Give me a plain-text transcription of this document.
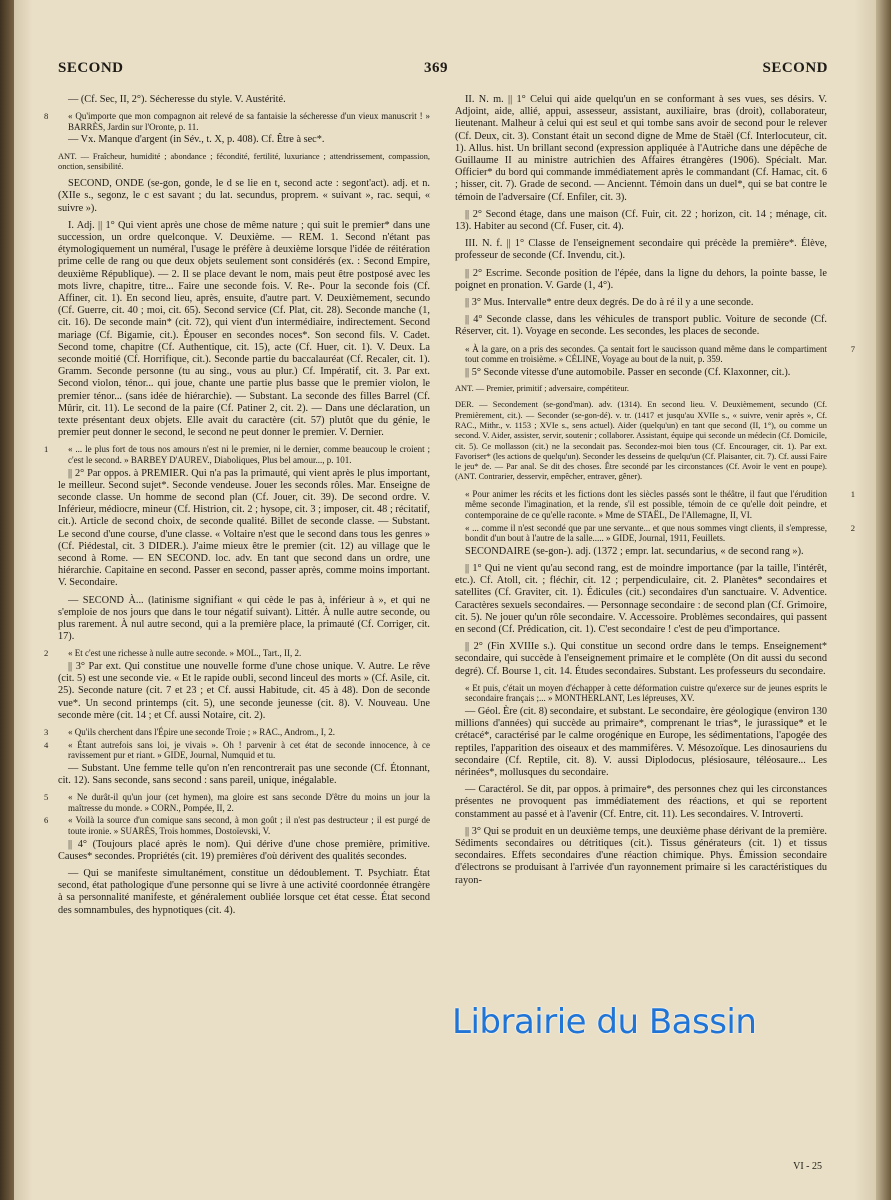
SECOND	369	SECOND
— (Cf. Sec, II, 2°). Sécheresse du style. V. Austérité.
« Qu'importe que mon compagnon ait relevé de sa fantaisie la sécheresse d'un vieux manuscrit ! » BARRÈS, Jardin sur l'Oronte, p. 11.
8
— Vx. Manque d'argent (in Sév., t. X, p. 408). Cf. Être à sec*.
ANT. — Fraîcheur, humidité ; abondance ; fécondité, fertilité, luxuriance ; attendrissement, compassion, onction, sensibilité.
SECOND, ONDE (se-gon, gonde, le d se lie en t, second acte : segont'act). adj. et n. (XIIe s., segonz, le c est savant ; du lat. secundus, proprem. « suivant », rac. sequi, « suivre »).
I. Adj. || 1° Qui vient après une chose de même nature ; qui suit le premier* dans une succession, un ordre quelconque. V. Deuxième. — REM. 1. Second n'étant pas étymologiquement un numéral, l'usage le préfère à deuxième lorsque l'idée de réitération prime celle de rang ou que deux objets seulement sont considérés (ex. : Second Empire, deuxième République). — 2. Il se place devant le nom, mais peut être postposé avec les mots livre, chapitre, titre... Faire une seconde fois. V. Re-. Pour la seconde fois (Cf. Affiner, cit. 1). En second lieu, après, ensuite, d'autre part. V. Deuxièmement, secundo (Cf. Guerre, cit. 40 ; moi, cit. 65). Second service (Cf. Plat, cit. 28). Seconde manche (1, cit. 16). De seconde main* (cit. 72), qui vient d'un intermédiaire, indirectement. Second mariage (Cf. Bigamie, cit.). Épouser en secondes noces*. Son second fils. V. Cadet. Second tome, chapitre (Cf. Authentique, cit. 15), acte (Cf. Huer, cit. 1). V. Deux. La seconde moitié (Cf. Horrifique, cit.). Seconde partie du baccalauréat (Cf. Recaler, cit. 1). Gramm. Seconde personne (tu au sing., vous au plur.) Cf. Impératif, cit. 3. Par ext. Second violon, ténor... qui joue, chante une partie plus basse que le premier violon, le premier ténor... (sans idée de hiérarchie). — Substant. La seconde des filles Barrel (Cf. Mûrir, cit. 11). Le second de la paire (Cf. Patiner 2, cit. 2). — Dans une déclaration, un texte présentant deux objets. Elle avait du caractère (cit. 57) plutôt que du génie, le premier peut donner le second, le second ne peut donner le premier. V. Dernier.
« ... le plus fort de tous nos amours n'est ni le premier, ni le dernier, comme beaucoup le croient ; c'est le second. » BARBEY D'AUREV., Diaboliques, Plus bel amour..., p. 101.
1
|| 2° Par oppos. à PREMIER. Qui n'a pas la primauté, qui vient après le plus important, le meilleur. Second sujet*. Seconde vendeuse. Jouer les seconds rôles. Mar. Enseigne de seconde classe. Un homme de second plan (Cf. Jouer, cit. 39). De second ordre. V. Inférieur, médiocre, mineur (Cf. Histrion, cit. 2 ; hysope, cit. 3 ; imposer, cit. 48 ; récitatif, cit.). Article de second choix, de seconde qualité. Billet de seconde classe. — Substant. Le second d'une course, d'une classe. « Voltaire n'est que le second dans tous les genres » (Cf. Piédestal, cit. 3 DIDER.). J'aime mieux être le premier (cit. 12) au village que le second à Rome. — EN SECOND. loc. adv. En tant que second dans un ordre, une hiérarchie. Capitaine en second. Passer en second, passer après, comme moins important. V. Secondaire.
— SECOND À... (latinisme signifiant « qui cède le pas à, inférieur à », et qui ne s'emploie de nos jours que dans le tour négatif suivant). Littér. À nulle autre seconde, ou plus rarement. À nul autre second, qui a la première place, la primauté (Cf. Corriger, cit. 17).
« Et c'est une richesse à nulle autre seconde. » MOL., Tart., II, 2.
2
|| 3° Par ext. Qui constitue une nouvelle forme d'une chose unique. V. Autre. Le rêve (cit. 5) est une seconde vie. « Et le rapide oubli, second linceul des morts » (Cf. Asile, cit. 25). Seconde nature (cit. 7 et 23 ; et Cf. aussi Habitude, cit. 45 à 48). Don de seconde vue*. Un second printemps (cit. 5), une seconde jeunesse (cit. 8). V. Nouveau. Une seconde mère (cit. 14 ; et Cf. aussi Notaire, cit. 2).
« Qu'ils cherchent dans l'Épire une seconde Troie ; » RAC., Androm., I, 2.
3
« Étant autrefois sans loi, je vivais ». Oh ! parvenir à cet état de seconde innocence, à ce ravissement pur et riant. » GIDE, Journal, Numquid et tu.
4
— Substant. Une femme telle qu'on n'en rencontrerait pas une seconde (Cf. Étonnant, cit. 12). Sans seconde, sans second : sans pareil, unique, inégalable.
« Ne durât-il qu'un jour (cet hymen), ma gloire est sans seconde D'être du moins un jour la maîtresse du monde. » CORN., Pompée, II, 2.
5
« Voilà la source d'un comique sans second, à mon goût ; il n'est pas destructeur ; il est purgé de toute ironie. » SUARÈS, Trois hommes, Dostoïevski, V.
6
|| 4° (Toujours placé après le nom). Qui dérive d'une chose première, primitive. Causes* secondes. Propriétés (cit. 19) premières d'où dérivent des qualités secondes.
— Qui se manifeste simultanément, constitue un dédoublement. T. Psychiatr. État second, état pathologique d'une personne qui se livre à une activité coordonnée étrangère à sa personnalité manifeste, et généralement oubliée lorsque cet état cesse. État second des somnambules, des hypnotiques (cit. 4).
II. N. m. || 1° Celui qui aide quelqu'un en se conformant à ses vues, ses désirs. V. Adjoint, aide, allié, appui, assesseur, assistant, auxiliaire, bras (droit), collaborateur, lieutenant. Malheur à celui qui est seul et qui tombe sans avoir de second pour le relever (Cf. Deux, cit. 3). Constant était un second digne de Mme de Staël (Cf. Interlocuteur, cit. 1). Allus. hist. Un brillant second (expression appliquée à l'Autriche dans une dépêche de Guillaume II au ministre autrichien des Affaires étrangères (1906). Spécialt. Mar. Officier* du bord qui commande immédiatement après le commandant (Cf. Hamac, cit. 6 ; hisser, cit. 7). Grade de second. — Anciennt. Témoin dans un duel*, qui se bat contre le témoin de l'adversaire (Cf. Enfiler, cit. 3).
|| 2° Second étage, dans une maison (Cf. Fuir, cit. 22 ; horizon, cit. 14 ; ménage, cit. 13). Habiter au second (Cf. Fuser, cit. 4).
III. N. f. || 1° Classe de l'enseignement secondaire qui précède la première*. Élève, professeur de seconde (Cf. Invendu, cit.).
|| 2° Escrime. Seconde position de l'épée, dans la ligne du dehors, la pointe basse, le poignet en pronation. V. Garde (1, 4°).
|| 3° Mus. Intervalle* entre deux degrés. De do à ré il y a une seconde.
|| 4° Seconde classe, dans les véhicules de transport public. Voiture de seconde (Cf. Réserver, cit. 1). Voyage en seconde. Les secondes, les places de seconde.
« À la gare, on a pris des secondes. Ça sentait fort le saucisson quand même dans le compartiment tout comme en troisième. » CÉLINE, Voyage au bout de la nuit, p. 359.
7
|| 5° Seconde vitesse d'une automobile. Passer en seconde (Cf. Klaxonner, cit.).
ANT. — Premier, primitif ; adversaire, compétiteur.
DER. — Secondement (se-gond'man). adv. (1314). En second lieu. V. Deuxièmement, secundo (Cf. Premièrement, cit.). — Seconder (se-gon-dé). v. tr. (1417 et jusqu'au XVIIe s., « suivre, venir après », Cf. RAC., Mithr., v. 1153 ; XVIe s., sens actuel). Aider (quelqu'un) en tant que second (II, 1°), ou comme un second. V. Aider, assister, servir, soutenir ; collaborer. Assistant, équipe qui seconde un médecin (Cf. Domicile, cit. 5). Ce mollasson (cit.) ne la secondait pas. Secondez-moi bien tous (Cf. Encourager, cit. 1). Par ext. Favoriser* (les actions de quelqu'un). Seconder les desseins de quelqu'un (Cf. Plaisanter, cit. 7). Cf. aussi Faire le jeu* de. — Par anal. Se dit des choses. Être secondé par les circonstances (Cf. Avoir le vent en poupe). (ANT. Contrarier, desservir, empêcher, entraver, gêner).
« Pour animer les récits et les fictions dont les siècles passés sont le théâtre, il faut que l'érudition même seconde l'imagination, et la rende, s'il est possible, témoin de ce qu'elle doit peindre, et contemporaine de ce qu'elle raconte. » Mme de STAËL, De l'Allemagne, II, VI.
1
« ... comme il n'est secondé que par une servante... et que nous sommes vingt clients, il s'empresse, bondit d'un bout à l'autre de la salle..... » GIDE, Journal, 1911, Feuillets.
2
SECONDAIRE (se-gon-). adj. (1372 ; empr. lat. secundarius, « de second rang »).
|| 1° Qui ne vient qu'au second rang, est de moindre importance (par la taille, l'intérêt, etc.). Cf. Atoll, cit. ; fléchir, cit. 12 ; perpendiculaire, cit. 2. Planètes* secondaires et satellites (Cf. Graviter, cit. 1). Édicules (cit.) secondaires d'un sanctuaire. V. Adventice. Caractères sexuels secondaires. — Personnage secondaire : de second plan (Cf. Grimoire, cit. 5). Ne jouer qu'un rôle secondaire. V. Accessoire. Problèmes secondaires, qui passent en second (Cf. Prédication, cit. 1). C'est secondaire ! c'est de peu d'importance.
|| 2° (Fin XVIIIe s.). Qui constitue un second ordre dans le temps. Enseignement* secondaire, qui succède à l'enseignement primaire et le complète (On dit aussi du second degré). Cf. Bourse 1, cit. 14. Études secondaires. Substant. Les professeurs du secondaire.
« Et puis, c'était un moyen d'échapper à cette déformation cuistre qu'exerce sur de jeunes esprits le secondaire français ;... » MONTHERLANT, Les lépreuses, XV.
— Géol. Ère (cit. 8) secondaire, et substant. Le secondaire, ère géologique (environ 130 millions d'années) qui succède au primaire*, comprenant le trias*, le jurassique* et le crétacé*, caractérisé par le calme orogénique en Europe, les sédimentations, l'apogée des reptiles, l'apparition des oiseaux et des mammifères. V. Mésozoïque. Les dinosauriens du secondaire (Cf. Reptile, cit. 8). V. aussi Diplodocus, plésiosaure, téléosaure... Les nérinées*, mollusques du secondaire.
— Caractérol. Se dit, par oppos. à primaire*, des personnes chez qui les circonstances présentes ne provoquent pas immédiatement des réactions, et qui se reportent constamment au passé et à l'avenir (Cf. Entre, cit. 11). Les secondaires. V. Introverti.
|| 3° Qui se produit en un deuxième temps, une deuxième phase dérivant de la première. Sédiments secondaires ou détritiques (cit.). Tissus générateurs (cit. 1) et tissus secondaires. Effets secondaires d'une réaction chimique. Phys. Émission secondaire d'électrons se produisant à l'arrivée d'un rayonnement primaire si les caractéristiques du rayon-
VI - 25
Librairie du Bassin
